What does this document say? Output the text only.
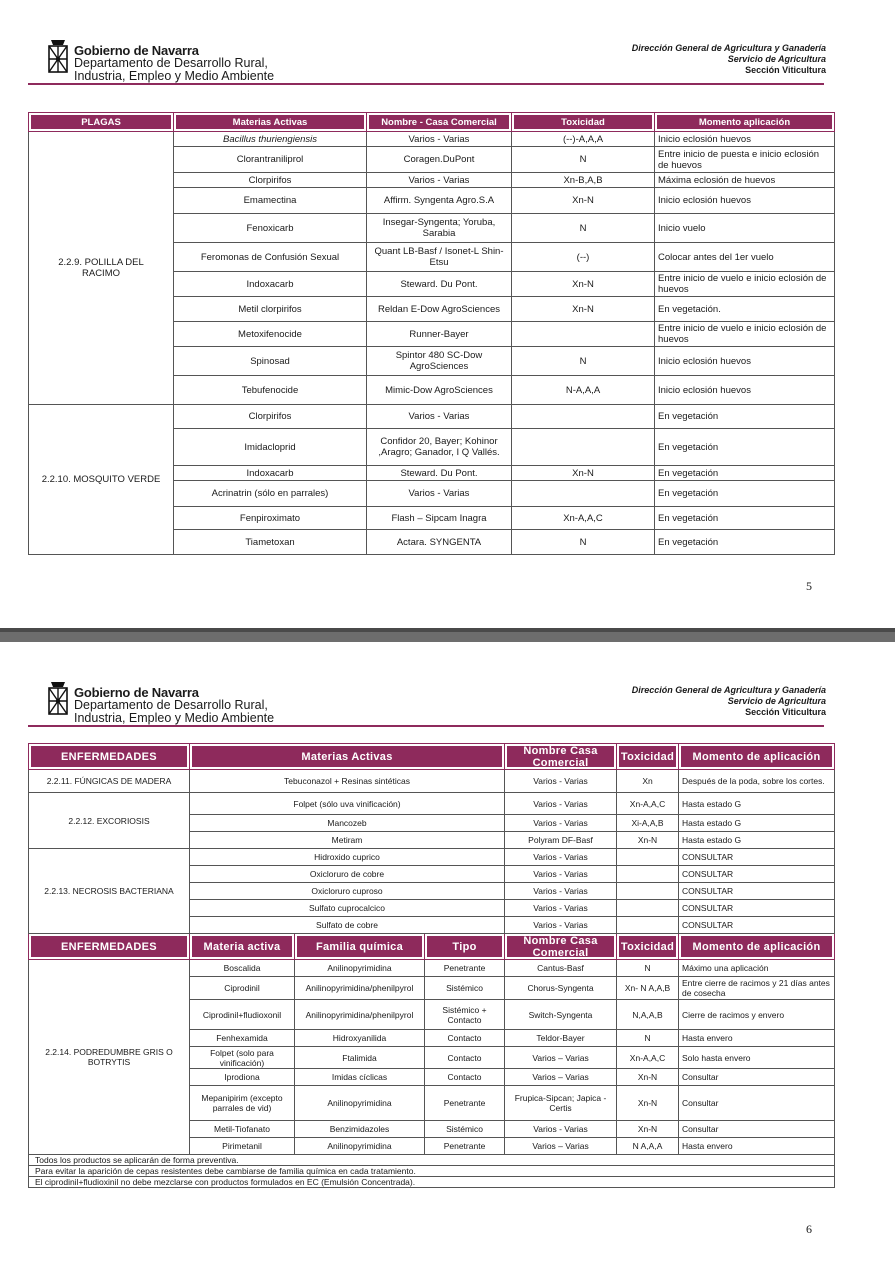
Gobierno de Navarra
Departamento de Desarrollo Rural,
Industria, Empleo y Medio Ambiente
Dirección General de Agricultura y Ganadería
Servicio de Agricultura
Sección Viticultura
PLAGAS	Materias Activas	Nombre - Casa Comercial	Toxicidad	Momento aplicación
2.2.9. POLILLA DEL RACIMO	Bacillus thuriengiensis	Varios - Varias	(--)-A,A,A	Inicio eclosión huevos
	Clorantraniliprol	Coragen.DuPont	N	Entre inicio de puesta e inicio eclosión de huevos
	Clorpirifos	Varios - Varias	Xn-B,A,B	Máxima eclosión de huevos
	Emamectina	Affirm. Syngenta Agro.S.A	Xn-N	Inicio eclosión huevos
	Fenoxicarb	Insegar-Syngenta; Yoruba, Sarabia	N	Inicio vuelo
	Feromonas de Confusión Sexual	Quant LB-Basf / Isonet-L Shin-Etsu	(--)	Colocar antes del 1er vuelo
	Indoxacarb	Steward. Du Pont.	Xn-N	Entre inicio de vuelo e inicio eclosión de huevos
	Metil clorpirifos	Reldan E-Dow AgroSciences	Xn-N	En vegetación.
	Metoxifenocide	Runner-Bayer		Entre inicio de vuelo e inicio eclosión de huevos
	Spinosad	Spintor 480 SC-Dow AgroSciences	N	Inicio eclosión huevos
	Tebufenocide	Mimic-Dow AgroSciences	N-A,A,A	Inicio eclosión huevos
2.2.10. MOSQUITO VERDE	Clorpirifos	Varios - Varias		En vegetación
	Imidacloprid	Confidor 20, Bayer; Kohinor ,Aragro; Ganador, I Q Vallés.		En vegetación
	Indoxacarb	Steward. Du Pont.	Xn-N	En vegetación
	Acrinatrin (sólo en parrales)	Varios - Varias		En vegetación
	Fenpiroximato	Flash – Sipcam Inagra	Xn-A,A,C	En vegetación
	Tiametoxan	Actara. SYNGENTA	N	En vegetación
5
Gobierno de Navarra
Departamento de Desarrollo Rural,
Industria, Empleo y Medio Ambiente
Dirección General de Agricultura y Ganadería
Servicio de Agricultura
Sección Viticultura
ENFERMEDADES	Materias Activas			Nombre Casa Comercial	Toxicidad	Momento de aplicación
2.2.11. FÚNGICAS DE MADERA	Tebuconazol + Resinas sintéticas			Varios - Varias	Xn	Después de la poda, sobre los cortes.
2.2.12. EXCORIOSIS	Folpet (sólo uva vinificación)			Varios - Varias	Xn-A,A,C	Hasta estado G
	Mancozeb			Varios - Varias	Xi-A,A,B	Hasta estado G
	Metiram			Polyram DF-Basf	Xn-N	Hasta estado G
2.2.13. NECROSIS BACTERIANA	Hidroxido cuprico			Varios - Varias		CONSULTAR
	Oxicloruro de cobre			Varios - Varias		CONSULTAR
	Oxicloruro cuproso			Varios - Varias		CONSULTAR
	Sulfato cuprocalcico			Varios - Varias		CONSULTAR
	Sulfato de cobre			Varios - Varias		CONSULTAR
ENFERMEDADES	Materia activa	Familia química	Tipo	Nombre Casa Comercial	Toxicidad	Momento de aplicación
2.2.14. PODREDUMBRE GRIS O BOTRYTIS	Boscalida	Anilinopyrimidina	Penetrante	Cantus-Basf	N	Máximo una aplicación
	Ciprodinil	Anilinopyrimidina/phenilpyrol	Sistémico	Chorus-Syngenta	Xn- N A,A,B	Entre cierre de racimos y 21 días antes de cosecha
	Ciprodinil+fludioxonil	Anilinopyrimidina/phenilpyrol	Sistémico + Contacto	Switch-Syngenta	N,A,A,B	Cierre de racimos y envero
	Fenhexamida	Hidroxyanilida	Contacto	Teldor-Bayer	N	Hasta envero
	Folpet (solo para vinificación)	Ftalimida	Contacto	Varios – Varias	Xn-A,A,C	Solo hasta envero
	Iprodiona	Imidas cíclicas	Contacto	Varios – Varias	Xn-N	Consultar
	Mepanipirim (excepto parrales de vid)	Anilinopyrimidina	Penetrante	Frupica-Sipcan; Japica -Certis	Xn-N	Consultar
	Metil-Tiofanato	Benzimidazoles	Sistémico	Varios - Varias	Xn-N	Consultar
	Pirimetanil	Anilinopyrimidina	Penetrante	Varios – Varias	N A,A,A	Hasta envero
Todos los productos se aplicarán de forma preventiva.						
Para evitar la aparición de cepas resistentes debe cambiarse de familia química en cada tratamiento.						
El ciprodinil+fludioxinil no debe mezclarse con productos formulados en EC (Emulsión Concentrada).						
6
